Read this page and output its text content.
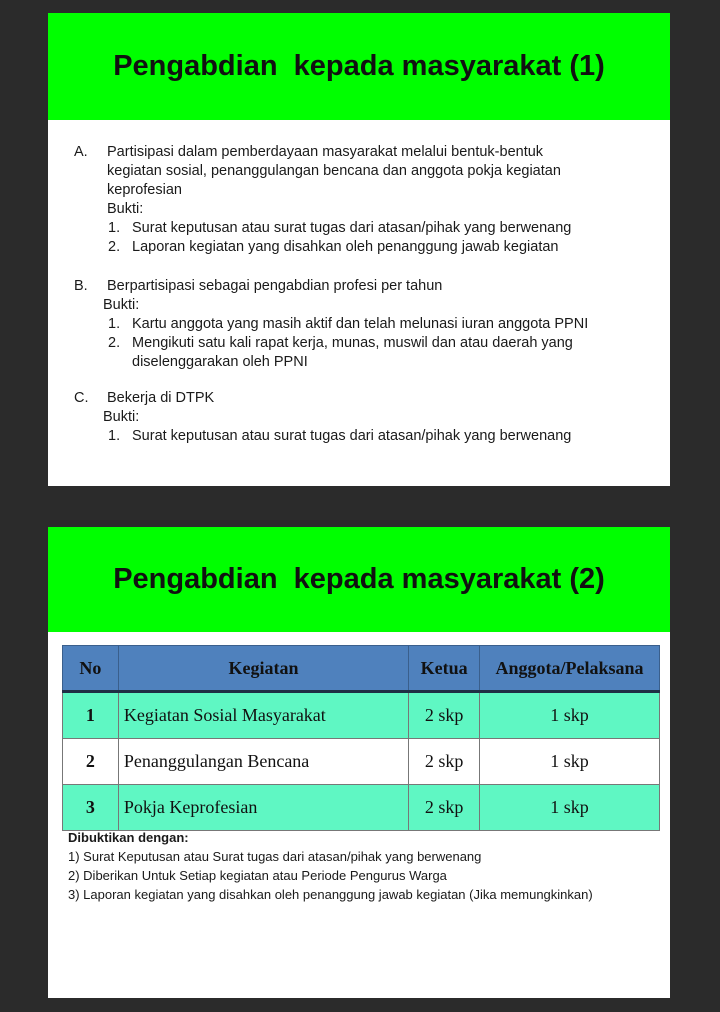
Pengabdian  kepada masyarakat (1)
A. Partisipasi dalam pemberdayaan masyarakat melalui bentuk-bentuk
kegiatan sosial, penanggulangan bencana dan anggota pokja kegiatan
keprofesian
Bukti:
1. Surat keputusan atau surat tugas dari atasan/pihak yang berwenang
2. Laporan kegiatan yang disahkan oleh penanggung jawab kegiatan
B. Berpartisipasi sebagai pengabdian profesi per tahun
Bukti:
1. Kartu anggota yang masih aktif dan telah melunasi iuran anggota PPNI
2. Mengikuti satu kali rapat kerja, munas, muswil dan atau daerah yang
diselenggarakan oleh PPNI
C. Bekerja di DTPK
Bukti:
1. Surat keputusan atau surat tugas dari atasan/pihak yang berwenang
Pengabdian  kepada masyarakat (2)
No	Kegiatan	Ketua	Anggota/Pelaksana
1	Kegiatan Sosial Masyarakat	2 skp	1 skp
2	Penanggulangan Bencana	2 skp	1 skp
3	Pokja Keprofesian	2 skp	1 skp
Dibuktikan dengan:
1) Surat Keputusan atau Surat tugas dari atasan/pihak yang berwenang
2) Diberikan Untuk Setiap kegiatan atau Periode Pengurus Warga
3) Laporan kegiatan yang disahkan oleh penanggung jawab kegiatan (Jika memungkinkan)
